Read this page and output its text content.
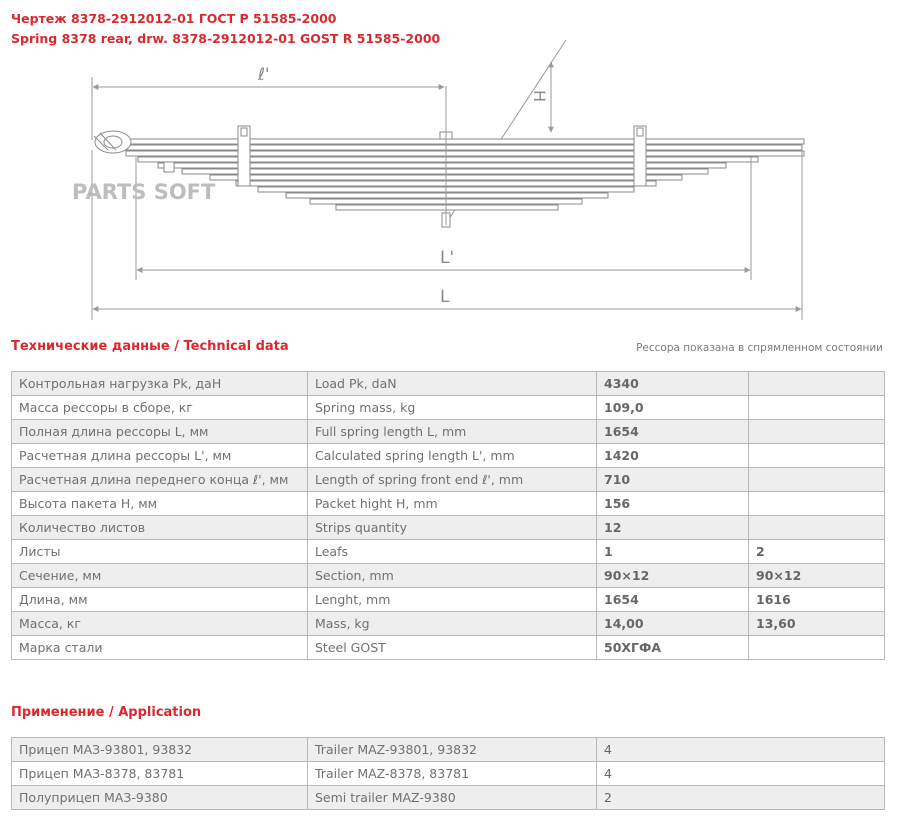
Чертеж 8378-2912012-01 ГОСТ Р 51585-2000
Spring 8378 rear, drw. 8378-2912012-01 GOST R 51585-2000
H
ℓ'
L'
L
PARTS SOFT
Технические данные / Technical data	Рессора показана в спрямленном состоянии
Контрольная нагрузка Pk, даН	Load Pk, daN	4340	
Масса рессоры в сборе, кг	Spring mass, kg	109,0	
Полная длина рессоры L, мм	Full spring length L, mm	1654	
Расчетная длина рессоры L', мм	Calculated spring length L', mm	1420	
Расчетная длина переднего конца ℓ', мм	Length of spring front end ℓ', mm	710	
Высота пакета H, мм	Packet hight H, mm	156	
Количество листов	Strips quantity	12	
Листы	Leafs	1	2
Сечение, мм	Section, mm	90×12	90×12
Длина, мм	Lenght, mm	1654	1616
Масса, кг	Mass, kg	14,00	13,60
Марка стали	Steel GOST	50ХГФА	
Применение / Application
Прицеп МАЗ-93801, 93832	Trailer MAZ-93801, 93832	4
Прицеп МАЗ-8378, 83781	Trailer MAZ-8378, 83781	4
Полуприцеп МАЗ-9380	Semi trailer MAZ-9380	2
